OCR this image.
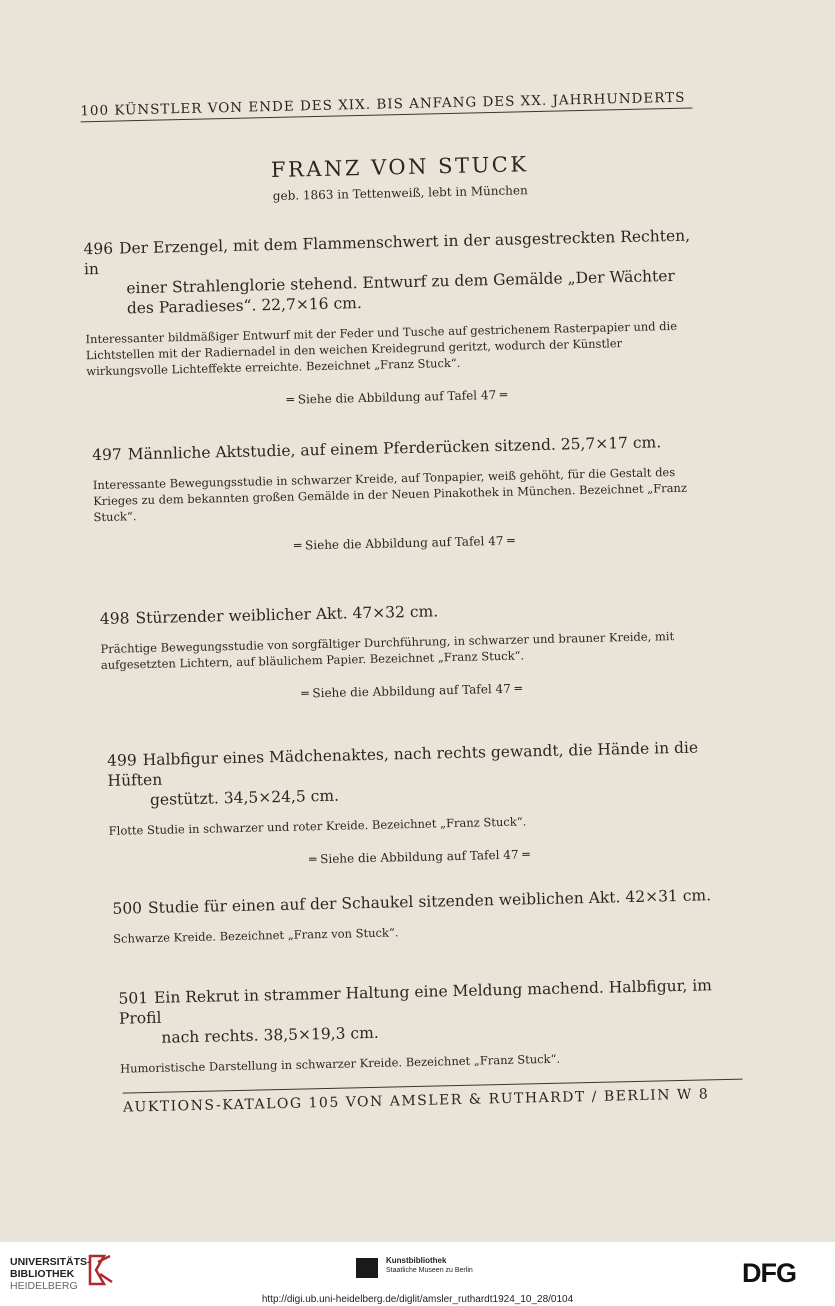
100 KÜNSTLER VON ENDE DES XIX. BIS ANFANG DES XX. JAHRHUNDERTS
FRANZ VON STUCK
geb. 1863 in Tettenweiß, lebt in München
496 Der Erzengel, mit dem Flammenschwert in der ausgestreckten Rechten, in	einer Strahlenglorie stehend. Entwurf zu dem Gemälde „Der Wächter des Paradieses“. 22,7×16 cm.
Interessanter bildmäßiger Entwurf mit der Feder und Tusche auf gestrichenem Rasterpapier und die Lichtstellen mit der Radiernadel in den weichen Kreidegrund geritzt, wodurch der Künstler wirkungsvolle Lichteffekte erreichte. Bezeichnet „Franz Stuck“.
═ Siehe die Abbildung auf Tafel 47 ═
497 Männliche Aktstudie, auf einem Pferderücken sitzend. 25,7×17 cm.
Interessante Bewegungsstudie in schwarzer Kreide, auf Tonpapier, weiß gehöht, für die Gestalt des Krieges zu dem bekannten großen Gemälde in der Neuen Pinakothek in München. Bezeichnet „Franz Stuck“.
═ Siehe die Abbildung auf Tafel 47 ═
498 Stürzender weiblicher Akt. 47×32 cm.
Prächtige Bewegungsstudie von sorgfältiger Durchführung, in schwarzer und brauner Kreide, mit aufgesetzten Lichtern, auf bläulichem Papier. Bezeichnet „Franz Stuck“.
═ Siehe die Abbildung auf Tafel 47 ═
499 Halbfigur eines Mädchenaktes, nach rechts gewandt, die Hände in die Hüften
gestützt. 34,5×24,5 cm.
Flotte Studie in schwarzer und roter Kreide. Bezeichnet „Franz Stuck“.
═ Siehe die Abbildung auf Tafel 47 ═
500 Studie für einen auf der Schaukel sitzenden weiblichen Akt. 42×31 cm.
Schwarze Kreide. Bezeichnet „Franz von Stuck“.
501 Ein Rekrut in strammer Haltung eine Meldung machend. Halbfigur, im Profil
nach rechts. 38,5×19,3 cm.
Humoristische Darstellung in schwarzer Kreide. Bezeichnet „Franz Stuck“.
AUKTIONS-KATALOG 105 VON AMSLER & RUTHARDT / BERLIN W 8
UNIVERSITÄTS-
BIBLIOTHEK
HEIDELBERG
Kunstbibliothek
Staatliche Museen zu Berlin	DFG
http://digi.ub.uni-heidelberg.de/diglit/amsler_ruthardt1924_10_28/0104
